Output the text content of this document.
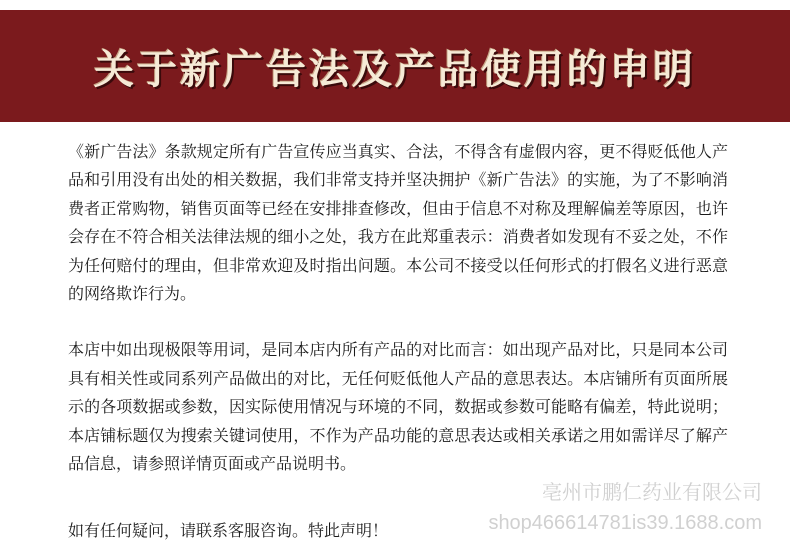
关于新广告法及产品使用的申明

《新广告法》条款规定所有广告宣传应当真实、合法，不得含有虚假内容，更不得贬低他人产品和引用没有出处的相关数据，我们非常支持并坚决拥护《新广告法》的实施，为了不影响消费者正常购物，销售页面等已经在安排排查修改，但由于信息不对称及理解偏差等原因，也许会存在不符合相关法律法规的细小之处，我方在此郑重表示：消费者如发现有不妥之处，不作为任何赔付的理由，但非常欢迎及时指出问题。本公司不接受以任何形式的打假名义进行恶意的网络欺诈行为。

本店中如出现极限等用词，是同本店内所有产品的对比而言：如出现产品对比，只是同本公司具有相关性或同系列产品做出的对比，无任何贬低他人产品的意思表达。本店铺所有页面所展示的各项数据或参数，因实际使用情况与环境的不同，数据或参数可能略有偏差，特此说明；本店铺标题仅为搜索关键词使用，不作为产品功能的意思表达或相关承诺之用如需详尽了解产品信息，请参照详情页面或产品说明书。

如有任何疑问，请联系客服咨询。特此声明！
亳州市鹏仁药业有限公司
shop466614781is39.1688.com
